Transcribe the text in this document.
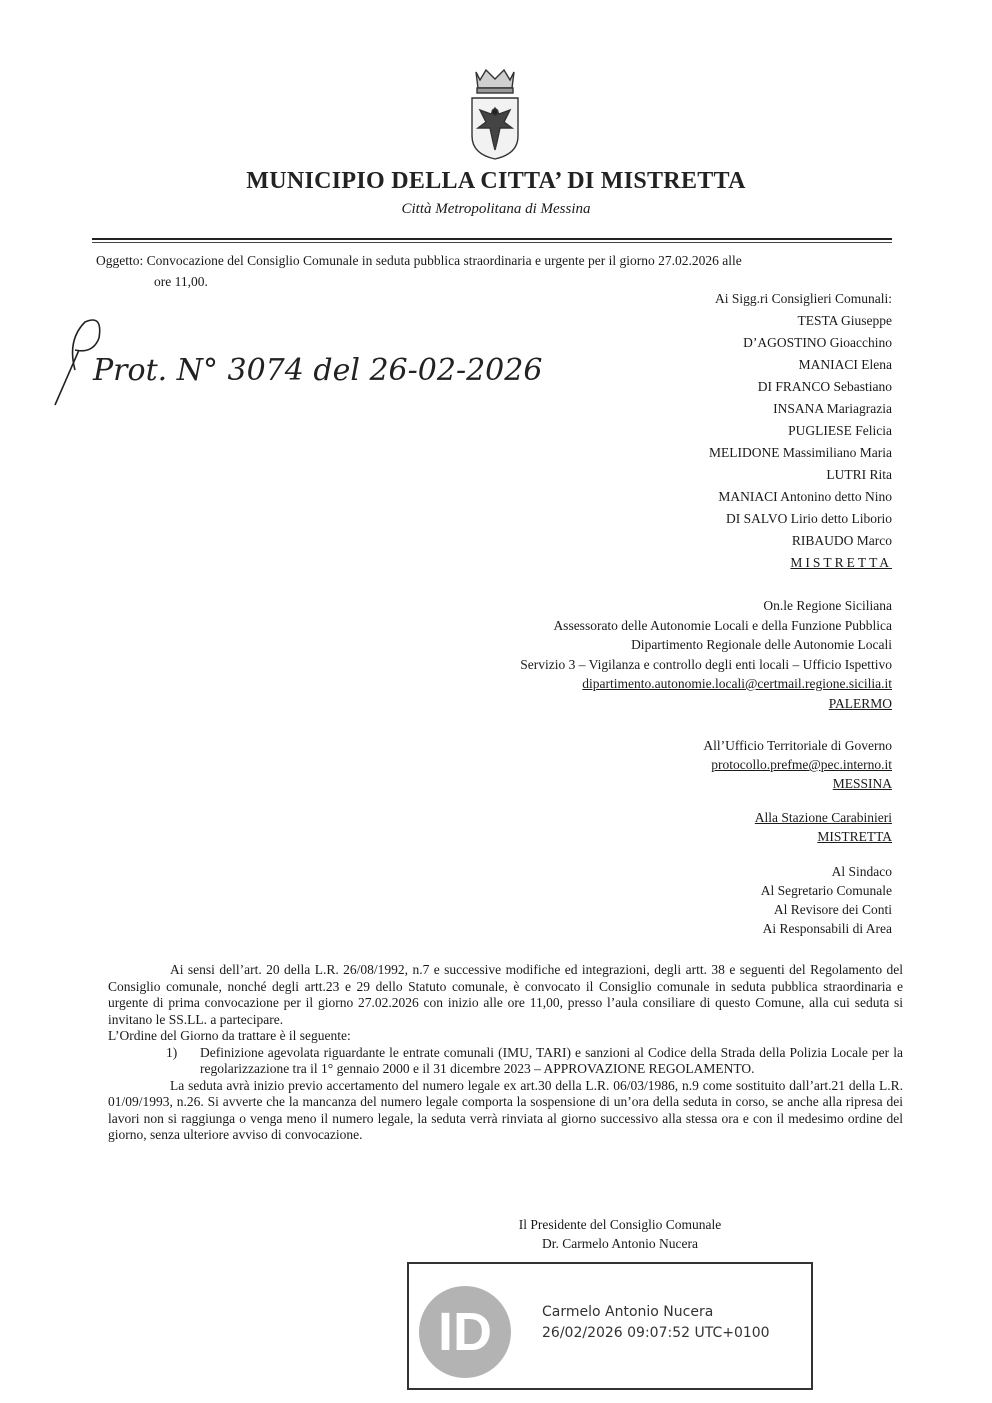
MUNICIPIO DELLA CITTA’ DI MISTRETTA
Città Metropolitana di Messina
Oggetto: Convocazione del Consiglio Comunale in seduta pubblica straordinaria e urgente per il giorno 27.02.2026 alle
ore 11,00.
Prot. N° 3074 del 26-02-2026
Ai Sigg.ri Consiglieri Comunali:
TESTA Giuseppe
D’AGOSTINO Gioacchino
MANIACI Elena
DI FRANCO Sebastiano
INSANA Mariagrazia
PUGLIESE Felicia
MELIDONE Massimiliano Maria
LUTRI Rita
MANIACI Antonino detto Nino
DI SALVO Lirio detto Liborio
RIBAUDO Marco
MISTRETTA
On.le Regione Siciliana
Assessorato delle Autonomie Locali e della Funzione Pubblica
Dipartimento Regionale delle Autonomie Locali
Servizio 3 – Vigilanza e controllo degli enti locali – Ufficio Ispettivo
dipartimento.autonomie.locali@certmail.regione.sicilia.it
PALERMO
All’Ufficio Territoriale di Governo
protocollo.prefme@pec.interno.it
MESSINA
Alla Stazione Carabinieri
MISTRETTA
Al Sindaco
Al Segretario Comunale
Al Revisore dei Conti
Ai Responsabili di Area

Ai sensi dell’art. 20 della L.R. 26/08/1992, n.7 e successive modifiche ed integrazioni, degli artt. 38 e seguenti del Regolamento del Consiglio comunale, nonché degli artt.23 e 29 dello Statuto comunale, è convocato il Consiglio comunale in seduta pubblica straordinaria e urgente di prima convocazione per il giorno 27.02.2026 con inizio alle ore 11,00, presso l’aula consiliare di questo Comune, alla cui seduta si invitano le SS.LL. a partecipare.

L’Ordine del Giorno da trattare è il seguente:

1)	Definizione agevolata riguardante le entrate comunali (IMU, TARI) e sanzioni al Codice della Strada della Polizia Locale per la regolarizzazione tra il 1° gennaio 2000 e il 31 dicembre 2023 – APPROVAZIONE REGOLAMENTO.

La seduta avrà inizio previo accertamento del numero legale ex art.30 della L.R. 06/03/1986, n.9 come sostituito dall’art.21 della L.R. 01/09/1993, n.26. Si avverte che la mancanza del numero legale comporta la sospensione di un’ora della seduta in corso, se anche alla ripresa dei lavori non si raggiunga o venga meno il numero legale, la seduta verrà rinviata al giorno successivo alla stessa ora e con il medesimo ordine del giorno, senza ulteriore avviso di convocazione.

Il Presidente del Consiglio Comunale
Dr. Carmelo Antonio Nucera
ID	Carmelo Antonio Nucera
26/02/2026 09:07:52 UTC+0100
